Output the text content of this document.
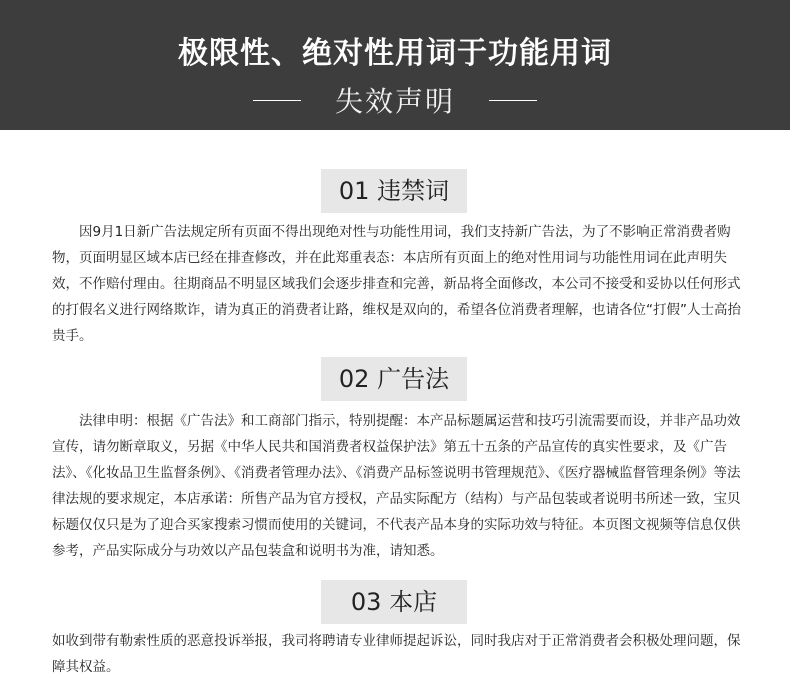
极限性、绝对性用词于功能用词
失效声明
01 违禁词
因9月1日新广告法规定所有页面不得出现绝对性与功能性用词，我们支持新广告法，为了不影响正常消费者购物，页面明显区域本店已经在排查修改，并在此郑重表态：本店所有页面上的绝对性用词与功能性用词在此声明失效，不作赔付理由。往期商品不明显区域我们会逐步排查和完善，新品将全面修改，本公司不接受和妥协以任何形式的打假名义进行网络欺诈，请为真正的消费者让路，维权是双向的，希望各位消费者理解，也请各位“打假”人士高抬贵手。
02 广告法
法律申明：根据《广告法》和工商部门指示，特别提醒：本产品标题属运营和技巧引流需要而设，并非产品功效宣传，请勿断章取义，另据《中华人民共和国消费者权益保护法》第五十五条的产品宣传的真实性要求，及《广告法》、《化妆品卫生监督条例》、《消费者管理办法》、《消费产品标签说明书管理规范》、《医疗器械监督管理条例》等法律法规的要求规定，本店承诺：所售产品为官方授权，产品实际配方（结构）与产品包装或者说明书所述一致，宝贝标题仅仅只是为了迎合买家搜索习惯而使用的关键词，不代表产品本身的实际功效与特征。本页图文视频等信息仅供参考，产品实际成分与功效以产品包装盒和说明书为准，请知悉。
03 本店
如收到带有勒索性质的恶意投诉举报，我司将聘请专业律师提起诉讼，同时我店对于正常消费者会积极处理问题，保障其权益。
